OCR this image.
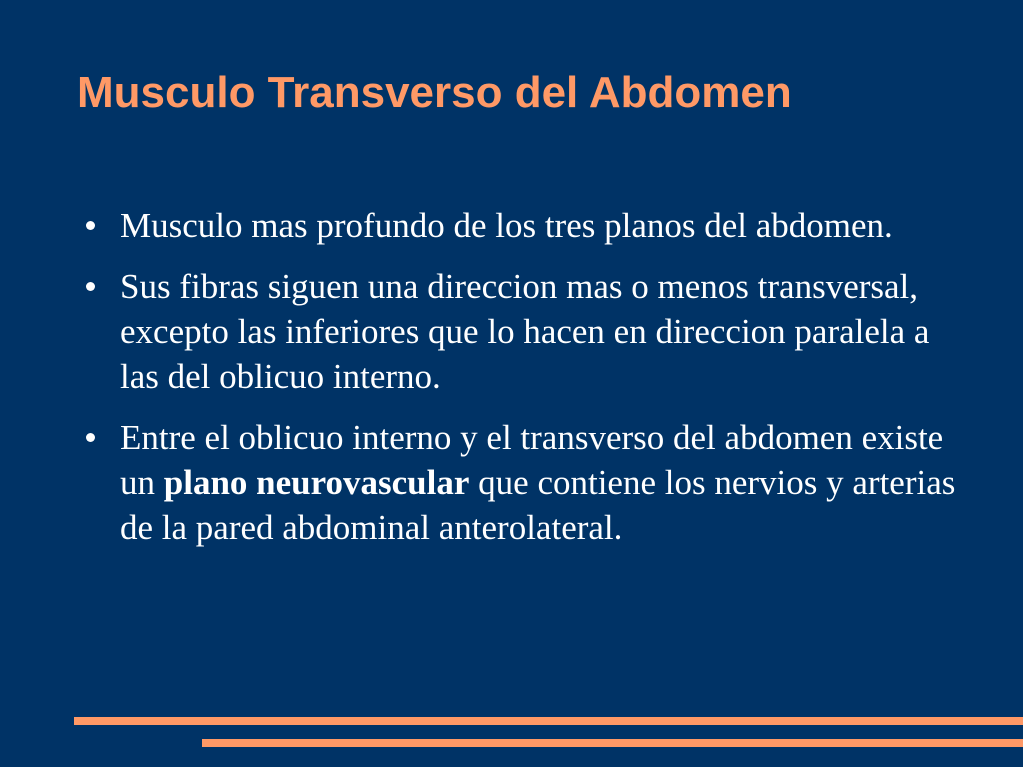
Musculo Transverso del Abdomen
Musculo mas profundo de los tres planos del abdomen.
Sus fibras siguen una direccion mas o menos transversal, excepto las inferiores que lo hacen en direccion paralela a las del oblicuo interno.
Entre el oblicuo interno y el transverso del abdomen existe un plano neurovascular que contiene los nervios y arterias de la pared abdominal anterolateral.
